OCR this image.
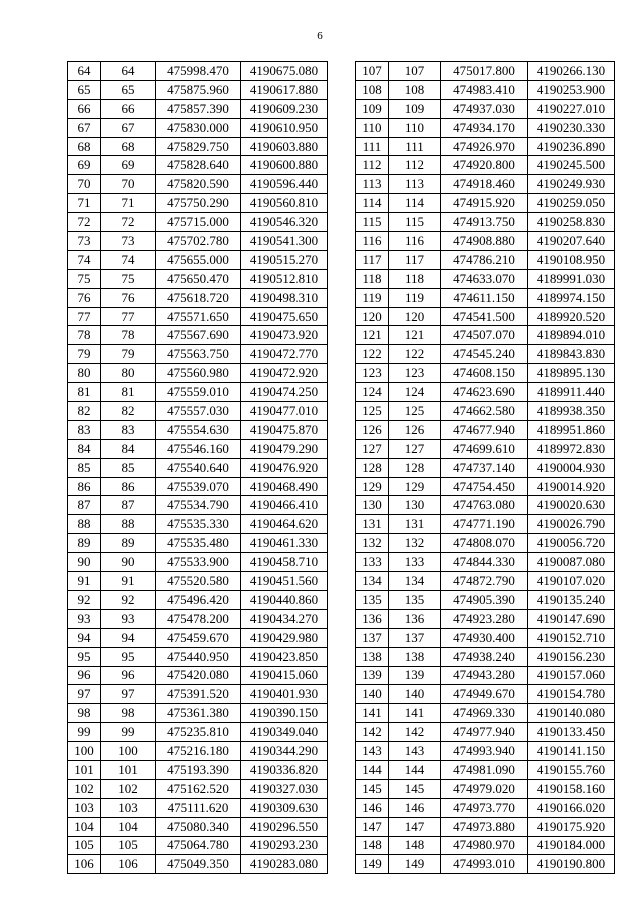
6
64	64	475998.470	4190675.080
65	65	475875.960	4190617.880
66	66	475857.390	4190609.230
67	67	475830.000	4190610.950
68	68	475829.750	4190603.880
69	69	475828.640	4190600.880
70	70	475820.590	4190596.440
71	71	475750.290	4190560.810
72	72	475715.000	4190546.320
73	73	475702.780	4190541.300
74	74	475655.000	4190515.270
75	75	475650.470	4190512.810
76	76	475618.720	4190498.310
77	77	475571.650	4190475.650
78	78	475567.690	4190473.920
79	79	475563.750	4190472.770
80	80	475560.980	4190472.920
81	81	475559.010	4190474.250
82	82	475557.030	4190477.010
83	83	475554.630	4190475.870
84	84	475546.160	4190479.290
85	85	475540.640	4190476.920
86	86	475539.070	4190468.490
87	87	475534.790	4190466.410
88	88	475535.330	4190464.620
89	89	475535.480	4190461.330
90	90	475533.900	4190458.710
91	91	475520.580	4190451.560
92	92	475496.420	4190440.860
93	93	475478.200	4190434.270
94	94	475459.670	4190429.980
95	95	475440.950	4190423.850
96	96	475420.080	4190415.060
97	97	475391.520	4190401.930
98	98	475361.380	4190390.150
99	99	475235.810	4190349.040
100	100	475216.180	4190344.290
101	101	475193.390	4190336.820
102	102	475162.520	4190327.030
103	103	475111.620	4190309.630
104	104	475080.340	4190296.550
105	105	475064.780	4190293.230
106	106	475049.350	4190283.080
107	107	475017.800	4190266.130
108	108	474983.410	4190253.900
109	109	474937.030	4190227.010
110	110	474934.170	4190230.330
111	111	474926.970	4190236.890
112	112	474920.800	4190245.500
113	113	474918.460	4190249.930
114	114	474915.920	4190259.050
115	115	474913.750	4190258.830
116	116	474908.880	4190207.640
117	117	474786.210	4190108.950
118	118	474633.070	4189991.030
119	119	474611.150	4189974.150
120	120	474541.500	4189920.520
121	121	474507.070	4189894.010
122	122	474545.240	4189843.830
123	123	474608.150	4189895.130
124	124	474623.690	4189911.440
125	125	474662.580	4189938.350
126	126	474677.940	4189951.860
127	127	474699.610	4189972.830
128	128	474737.140	4190004.930
129	129	474754.450	4190014.920
130	130	474763.080	4190020.630
131	131	474771.190	4190026.790
132	132	474808.070	4190056.720
133	133	474844.330	4190087.080
134	134	474872.790	4190107.020
135	135	474905.390	4190135.240
136	136	474923.280	4190147.690
137	137	474930.400	4190152.710
138	138	474938.240	4190156.230
139	139	474943.280	4190157.060
140	140	474949.670	4190154.780
141	141	474969.330	4190140.080
142	142	474977.940	4190133.450
143	143	474993.940	4190141.150
144	144	474981.090	4190155.760
145	145	474979.020	4190158.160
146	146	474973.770	4190166.020
147	147	474973.880	4190175.920
148	148	474980.970	4190184.000
149	149	474993.010	4190190.800
